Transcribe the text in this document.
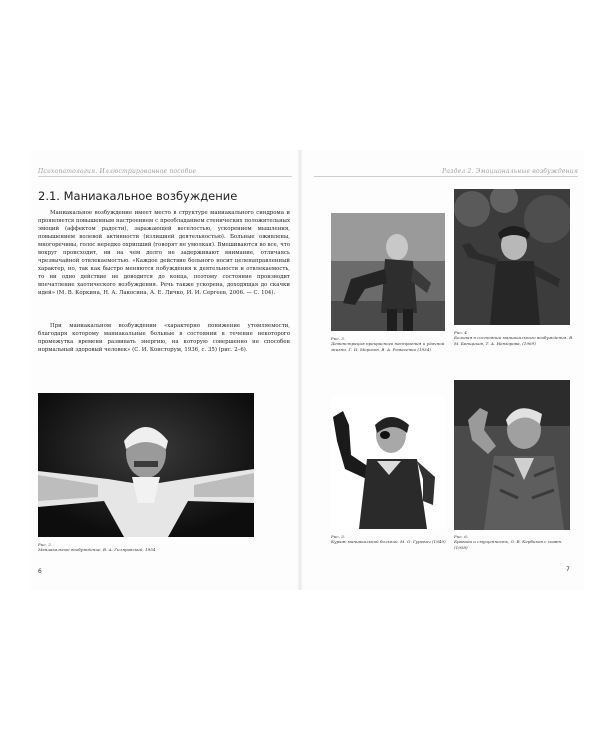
Психопатология. Иллюстрированное пособие	Раздел 2. Эмоциональные возбуждения
2.1. Маниакальное возбуждение

Маниакальное возбуждение имеет место в структуре маниакального синдрома и проявляется повышенным настроением с преобладанием стенических положительных эмоций (аффектом радости), заражающей веселостью, ускорением мышления, повышением волевой активности (излишней деятельностью). Больные оживлены, многоречивы, голос нередко охрипший (говорят не умолкая). Вмешиваются во все, что вокруг происходит, ни на чем долго не задерживают внимание, отличаясь чрезвычайной отвлекаемостью. «Каждое действие больного носит целенаправленный характер, но, так как быстро меняются побуждения к деятельности и отвлекаемость, то ни одно действие не доводится до конца, поэтому состояние производит впечатление хаотического возбуждения. Речь также ускорена, доходящая до скачки идей» (М. В. Коркина, Н. А. Лакосина, А. Е. Личко, И. И. Сергеев, 2006. — С. 104).

При маниакальном возбуждении «характерно понижение утомляемости, благодаря которому маниакальные больные в состоянии в течение некоторого промежутка времени развивать энергию, на которую совершенно не способен нормальный здоровый человек» (С. И. Консторум, 1936, с. 35) (рис. 2–6).

Рис. 2.
Маниакальное возбуждение. В. А. Гиляровский, 1954

Рис. 3.
Демонстрация прекрасного настроения и удачной жизни. Г. И. Морозов, В. А. Ромасенко (1954)

Рис. 4
Больная в состоянии маниакального возбуждения. В. М. Банщиков, Т. А. Невзорова, (1969)

Рис. 5.
Кураж маниакальной больной. М. О. Гуревич (1949)

Рис. 6.
Бравада и смущенность, О. В. Кербиков с соавт. (1958)

6	7
